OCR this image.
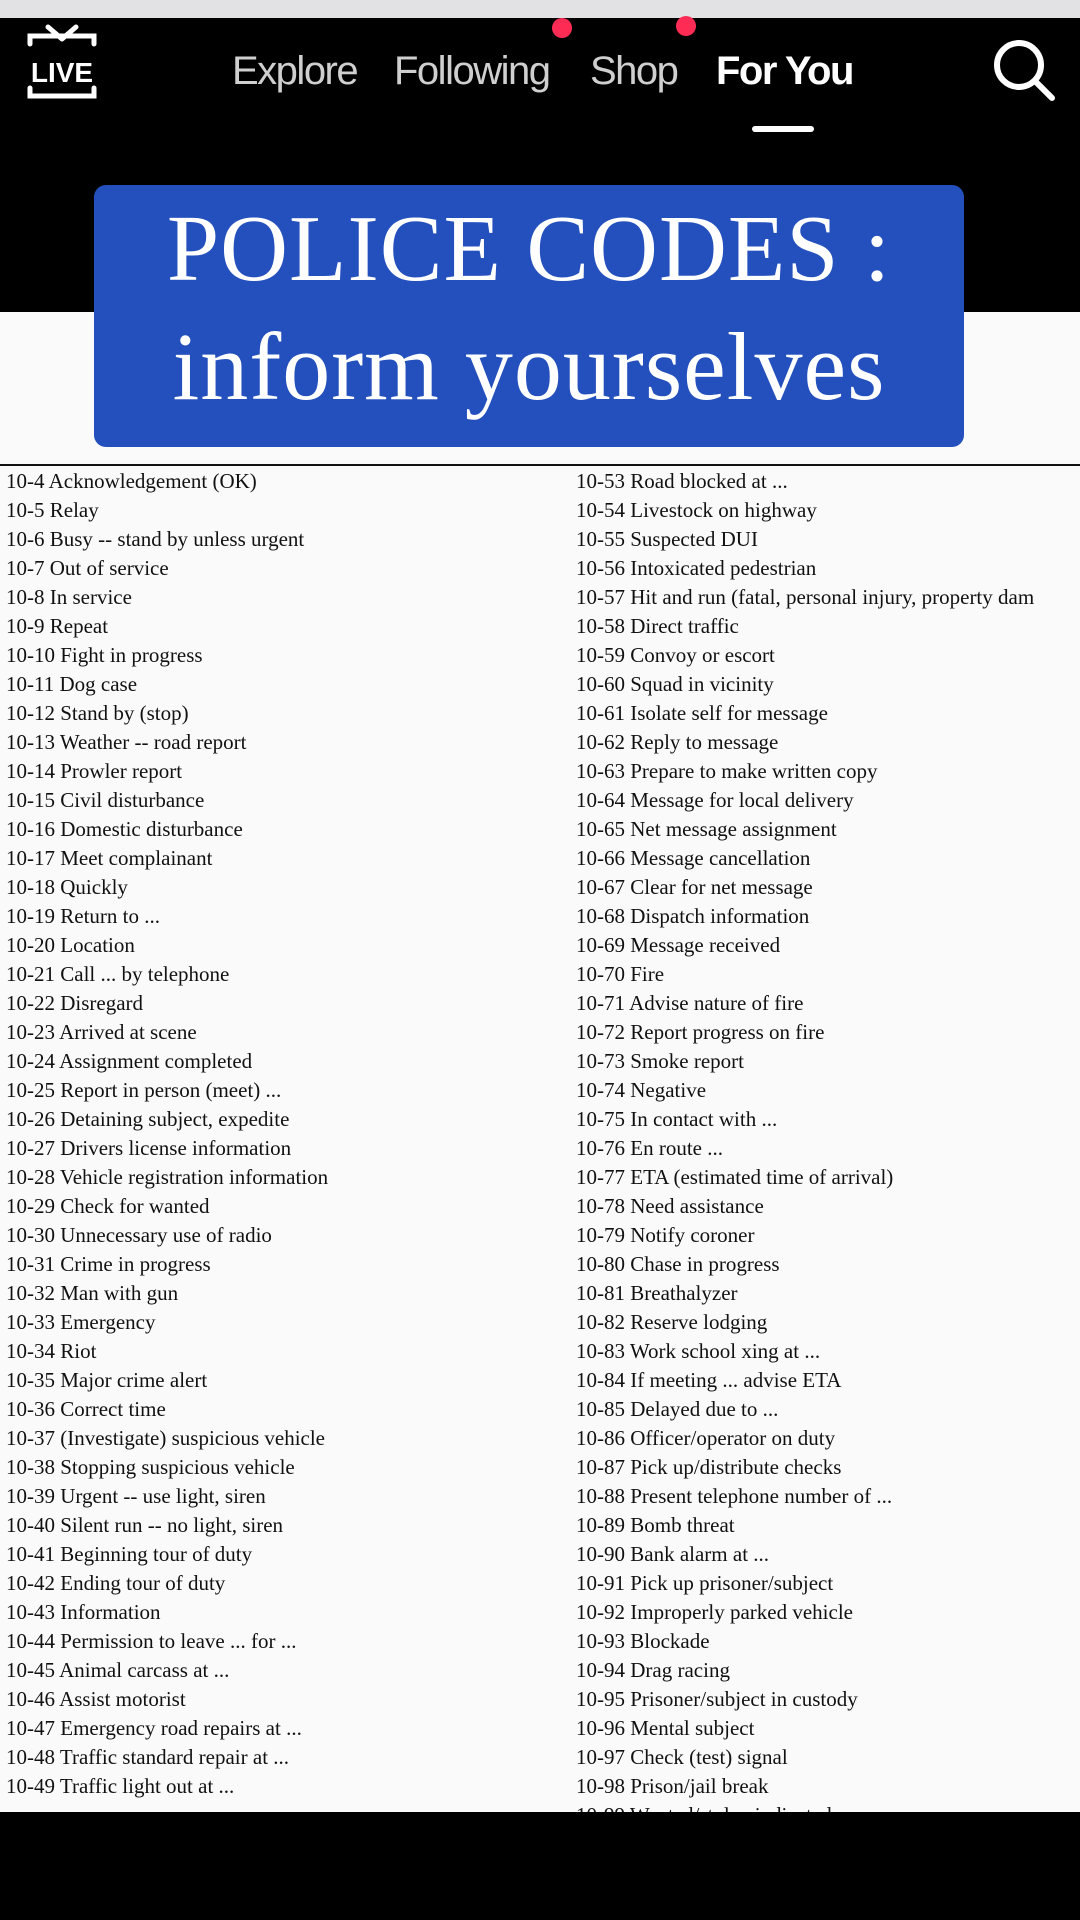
LIVE	Explore Following Shop For You
POLICE CODES :
inform yourselves
10-4 Acknowledgement (OK)
10-5 Relay
10-6 Busy -- stand by unless urgent
10-7 Out of service
10-8 In service
10-9 Repeat
10-10 Fight in progress
10-11 Dog case
10-12 Stand by (stop)
10-13 Weather -- road report
10-14 Prowler report
10-15 Civil disturbance
10-16 Domestic disturbance
10-17 Meet complainant
10-18 Quickly
10-19 Return to ...
10-20 Location
10-21 Call ... by telephone
10-22 Disregard
10-23 Arrived at scene
10-24 Assignment completed
10-25 Report in person (meet) ...
10-26 Detaining subject, expedite
10-27 Drivers license information
10-28 Vehicle registration information
10-29 Check for wanted
10-30 Unnecessary use of radio
10-31 Crime in progress
10-32 Man with gun
10-33 Emergency
10-34 Riot
10-35 Major crime alert
10-36 Correct time
10-37 (Investigate) suspicious vehicle
10-38 Stopping suspicious vehicle
10-39 Urgent -- use light, siren
10-40 Silent run -- no light, siren
10-41 Beginning tour of duty
10-42 Ending tour of duty
10-43 Information
10-44 Permission to leave ... for ...
10-45 Animal carcass at ...
10-46 Assist motorist
10-47 Emergency road repairs at ...
10-48 Traffic standard repair at ...
10-49 Traffic light out at ...
10-53 Road blocked at ...
10-54 Livestock on highway
10-55 Suspected DUI
10-56 Intoxicated pedestrian
10-57 Hit and run (fatal, personal injury, property dam
10-58 Direct traffic
10-59 Convoy or escort
10-60 Squad in vicinity
10-61 Isolate self for message
10-62 Reply to message
10-63 Prepare to make written copy
10-64 Message for local delivery
10-65 Net message assignment
10-66 Message cancellation
10-67 Clear for net message
10-68 Dispatch information
10-69 Message received
10-70 Fire
10-71 Advise nature of fire
10-72 Report progress on fire
10-73 Smoke report
10-74 Negative
10-75 In contact with ...
10-76 En route ...
10-77 ETA (estimated time of arrival)
10-78 Need assistance
10-79 Notify coroner
10-80 Chase in progress
10-81 Breathalyzer
10-82 Reserve lodging
10-83 Work school xing at ...
10-84 If meeting ... advise ETA
10-85 Delayed due to ...
10-86 Officer/operator on duty
10-87 Pick up/distribute checks
10-88 Present telephone number of ...
10-89 Bomb threat
10-90 Bank alarm at ...
10-91 Pick up prisoner/subject
10-92 Improperly parked vehicle
10-93 Blockade
10-94 Drag racing
10-95 Prisoner/subject in custody
10-96 Mental subject
10-97 Check (test) signal
10-98 Prison/jail break
